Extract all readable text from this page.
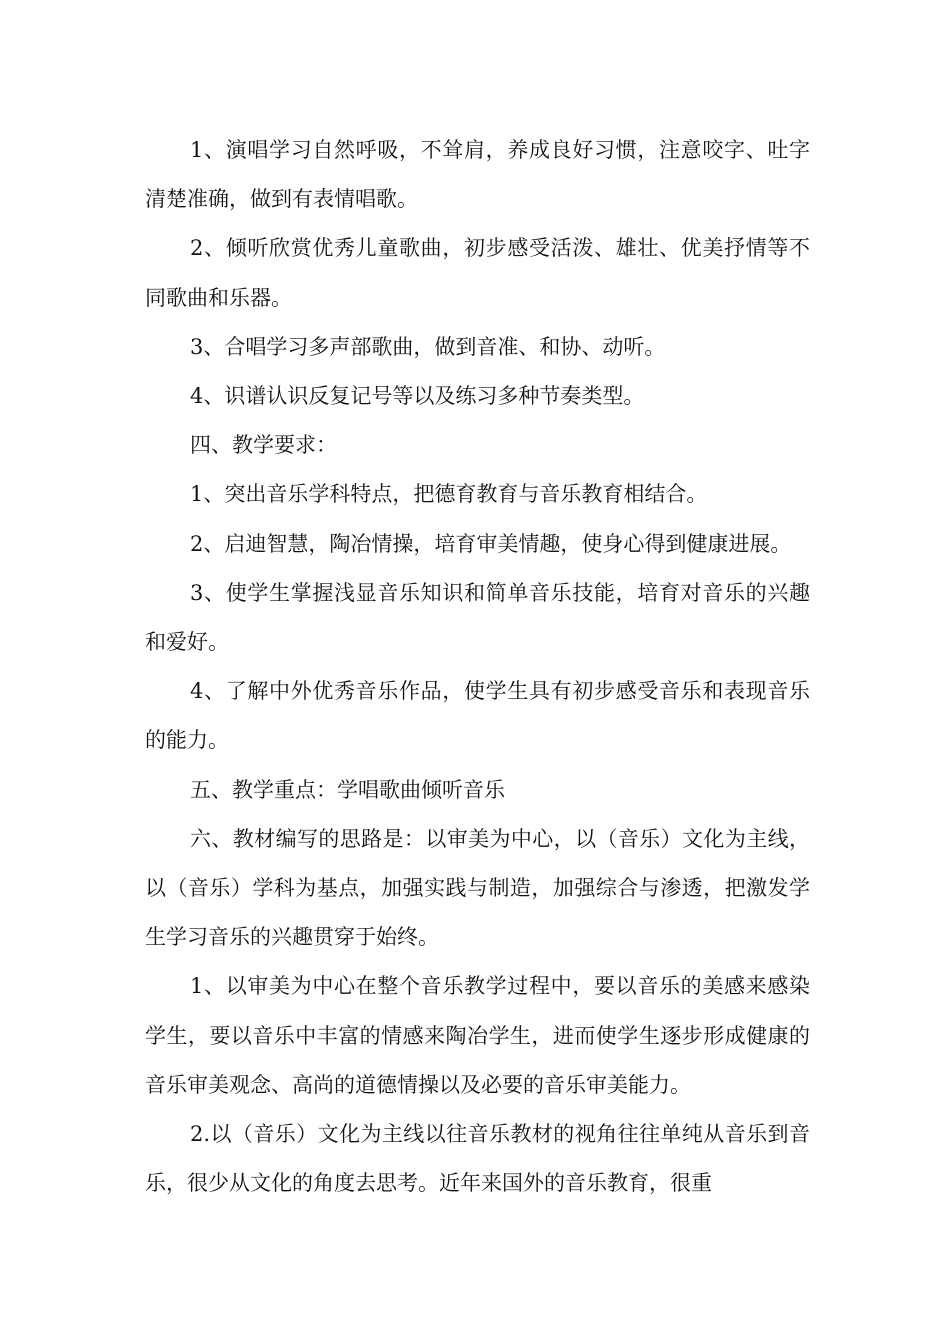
1、演唱学习自然呼吸，不耸肩，养成良好习惯，注意咬字、吐字清楚准确，做到有表情唱歌。

2、倾听欣赏优秀儿童歌曲，初步感受活泼、雄壮、优美抒情等不同歌曲和乐器。

3、合唱学习多声部歌曲，做到音准、和协、动听。

4、识谱认识反复记号等以及练习多种节奏类型。

四、教学要求：

1、突出音乐学科特点，把德育教育与音乐教育相结合。

2、启迪智慧，陶冶情操，培育审美情趣，使身心得到健康进展。

3、使学生掌握浅显音乐知识和简单音乐技能，培育对音乐的兴趣和爱好。

4、了解中外优秀音乐作品，使学生具有初步感受音乐和表现音乐的能力。

五、教学重点：学唱歌曲倾听音乐

六、教材编写的思路是：以审美为中心，以（音乐）文化为主线，以（音乐）学科为基点，加强实践与制造，加强综合与渗透，把激发学生学习音乐的兴趣贯穿于始终。

1、以审美为中心在整个音乐教学过程中，要以音乐的美感来感染学生，要以音乐中丰富的情感来陶冶学生，进而使学生逐步形成健康的音乐审美观念、高尚的道德情操以及必要的音乐审美能力。

2.以（音乐）文化为主线以往音乐教材的视角往往单纯从音乐到音乐，很少从文化的角度去思考。近年来国外的音乐教育，很重
